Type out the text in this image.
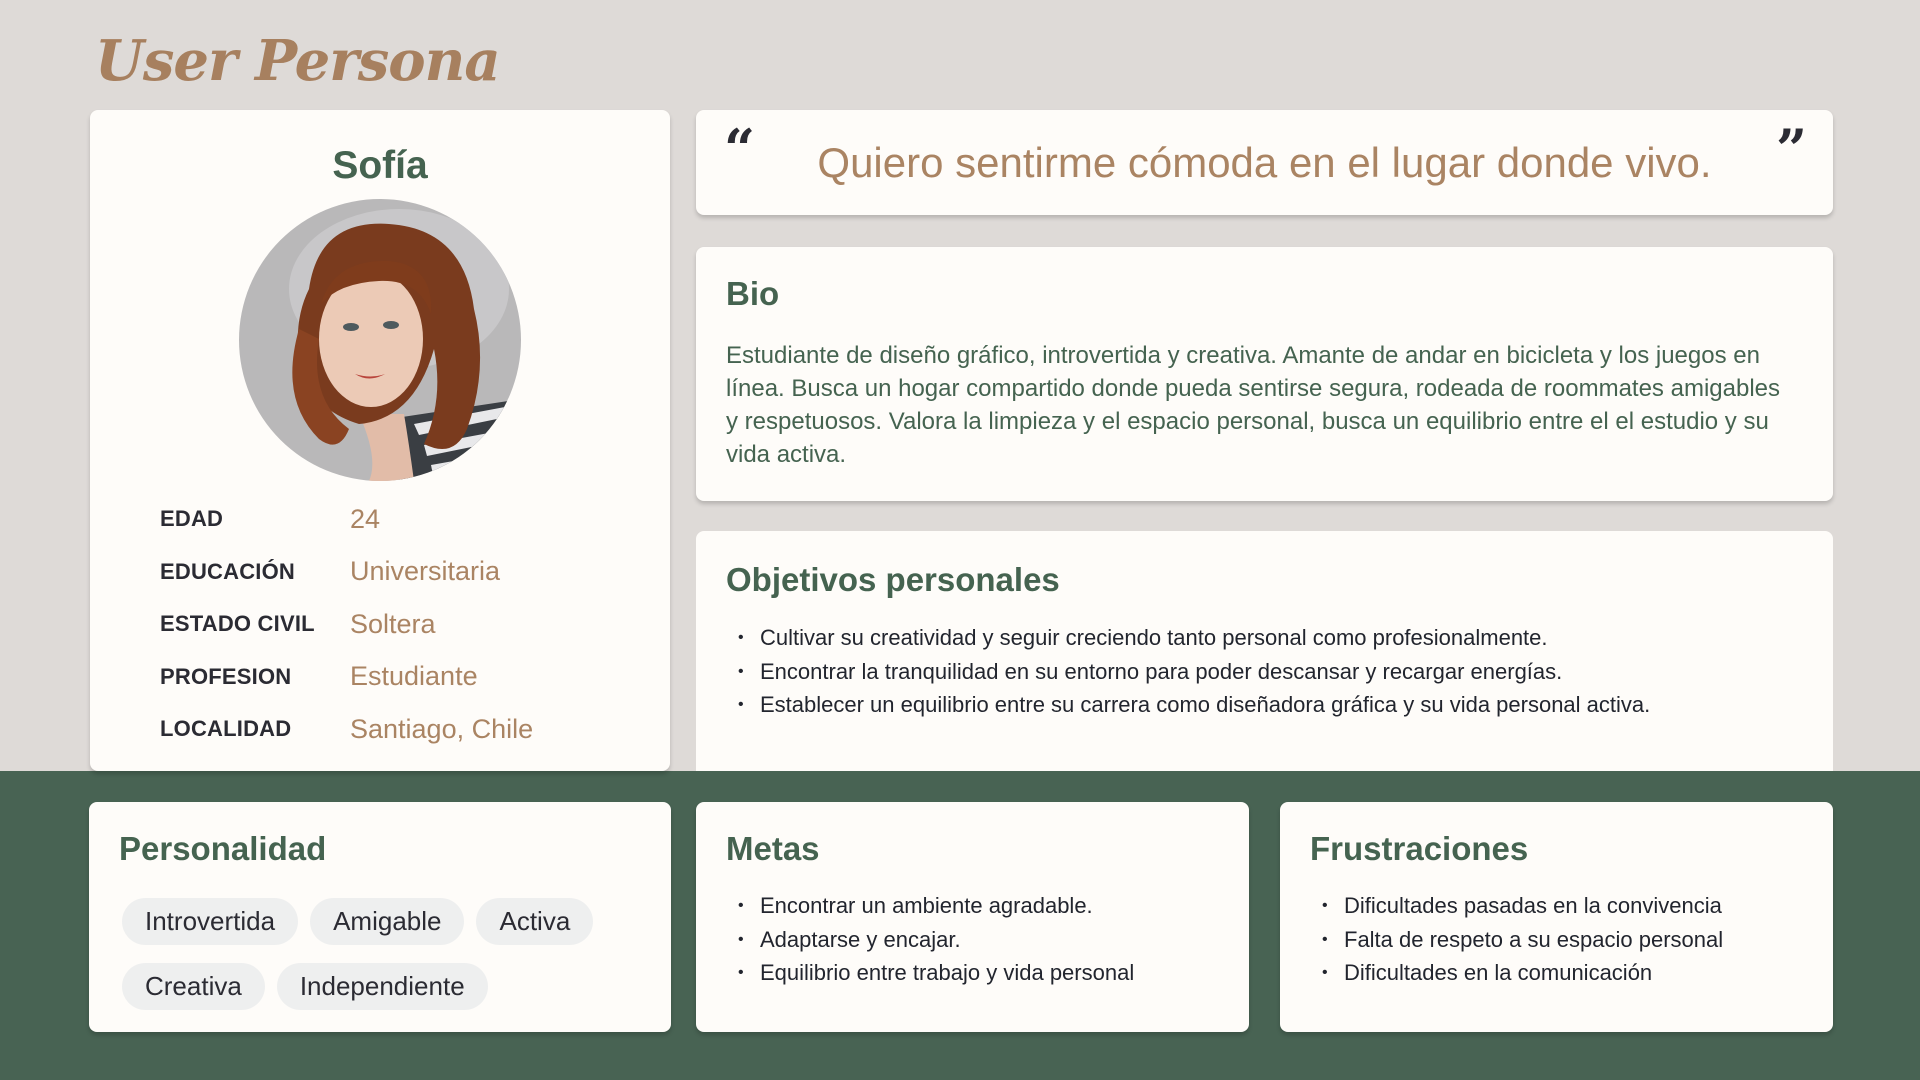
User Persona
Sofía
EDAD	24
EDUCACIÓN	Universitaria
ESTADO CIVIL	Soltera
PROFESION	Estudiante
LOCALIDAD	Santiago, Chile
“	Quiero sentirme cómoda en el lugar donde vivo.	”
Bio

Estudiante de diseño gráfico, introvertida y creativa. Amante de andar en bicicleta y los juegos en línea. Busca un hogar compartido donde pueda sentirse segura, rodeada de roommates amigables y respetuosos. Valora la limpieza y el espacio personal, busca un equilibrio entre el el estudio y su vida activa.

Objetivos personales
• Cultivar su creatividad y seguir creciendo tanto personal como profesionalmente.
• Encontrar la tranquilidad en su entorno para poder descansar y recargar energías.
• Establecer un equilibrio entre su carrera como diseñadora gráfica y su vida personal activa.
Personalidad
Introvertida	Amigable	Activa
Creativa	Independiente
Metas
• Encontrar un ambiente agradable.
• Adaptarse y encajar.
• Equilibrio entre trabajo y vida personal
Frustraciones
• Dificultades pasadas en la convivencia
• Falta de respeto a su espacio personal
• Dificultades en la comunicación
